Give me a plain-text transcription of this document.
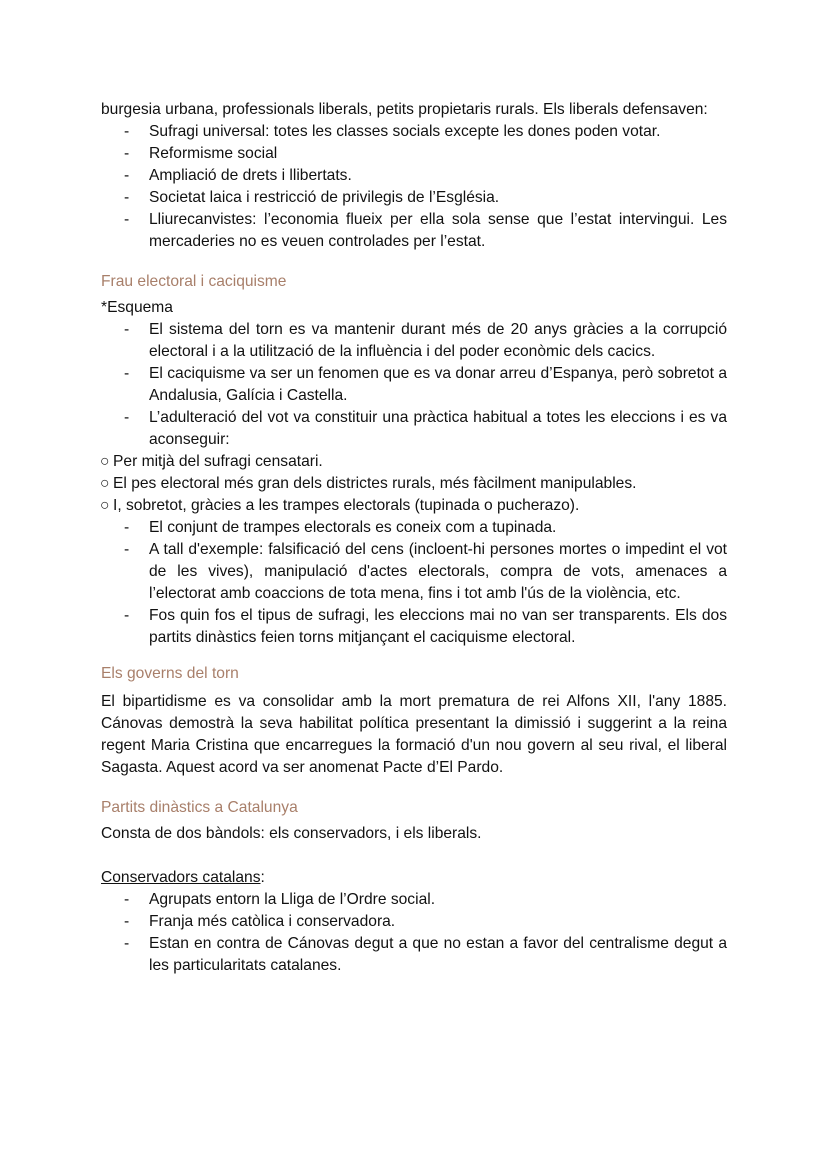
burgesia urbana, professionals liberals, petits propietaris rurals. Els liberals defensaven:

- Sufragi universal: totes les classes socials excepte les dones poden votar.
- Reformisme social
- Ampliació de drets i llibertats.
- Societat laica i restricció de privilegis de l’Església.
- Lliurecanvistes: l’economia flueix per ella sola sense que l’estat intervingui. Les mercaderies no es veuen controlades per l’estat.

Frau electoral i caciquisme

*Esquema

- El sistema del torn es va mantenir durant més de 20 anys gràcies a la corrupció electoral i a la utilització de la influència i del poder econòmic dels cacics.
- El caciquisme va ser un fenomen que es va donar arreu d’Espanya, però sobretot a Andalusia, Galícia i Castella.
- L’adulteració del vot va constituir una pràctica habitual a totes les eleccions i es va aconseguir:
○ Per mitjà del sufragi censatari.
○ El pes electoral més gran dels districtes rurals, més fàcilment manipulables.
○ I, sobretot, gràcies a les trampes electorals (tupinada o pucherazo).
- El conjunt de trampes electorals es coneix com a tupinada.
- A tall d'exemple: falsificació del cens (incloent-hi persones mortes o impedint el vot de les vives), manipulació d'actes electorals, compra de vots, amenaces a l’electorat amb coaccions de tota mena, fins i tot amb l'ús de la violència, etc.
- Fos quin fos el tipus de sufragi, les eleccions mai no van ser transparents. Els dos partits dinàstics feien torns mitjançant el caciquisme electoral.

Els governs del torn

El bipartidisme es va consolidar amb la mort prematura de rei Alfons XII, l'any 1885. Cánovas demostrà la seva habilitat política presentant la dimissió i suggerint a la reina regent Maria Cristina que encarregues la formació d'un nou govern al seu rival, el liberal Sagasta. Aquest acord va ser anomenat Pacte d’El Pardo.

Partits dinàstics a Catalunya

Consta de dos bàndols: els conservadors, i els liberals.

Conservadors catalans:

- Agrupats entorn la Lliga de l’Ordre social.
- Franja més catòlica i conservadora.
- Estan en contra de Cánovas degut a que no estan a favor del centralisme degut a les particularitats catalanes.
